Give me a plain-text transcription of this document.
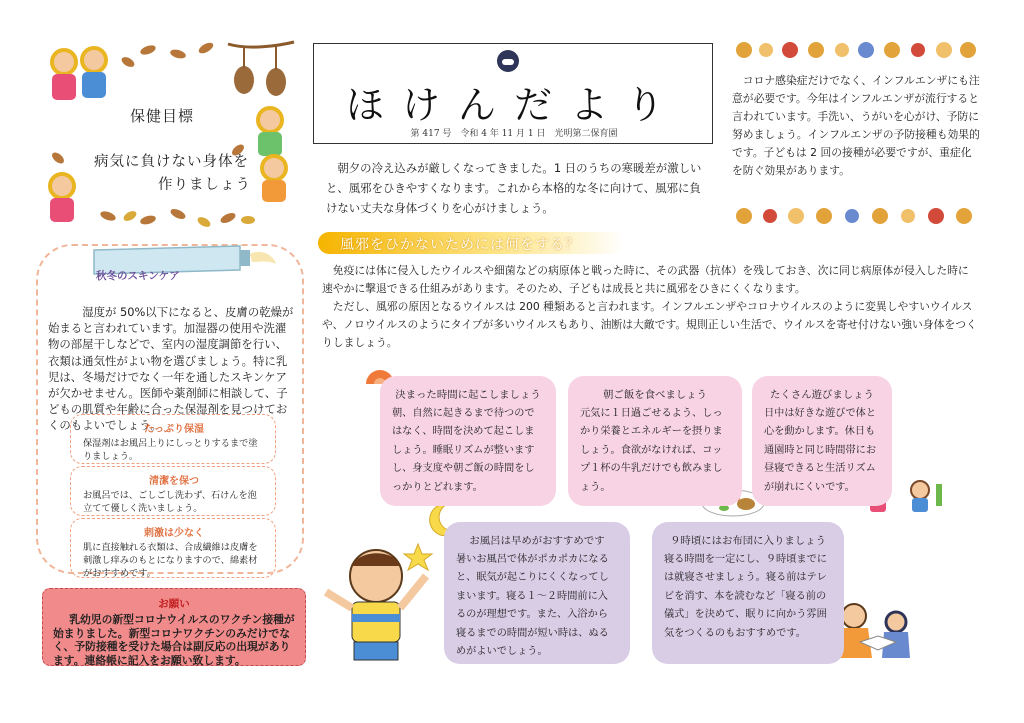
保健目標
病気に負けない身体を
作りましょう
秋冬のスキンケア

湿度が 50%以下になると、皮膚の乾燥が始まると言われています。加湿器の使用や洗濯物の部屋干しなどで、室内の湿度調節を行い、衣類は通気性がよい物を選びましょう。特に乳児は、冬場だけでなく一年を通したスキンケアが欠かせません。医師や薬剤師に相談して、子どもの肌質や年齢に合った保湿剤を見つけておくのもよいでしょう。

たっぷり保湿
保湿剤はお風呂上りにしっとりするまで塗りましょう。
清潔を保つ
お風呂では、ごしごし洗わず、石けんを泡立てて優しく洗いましょう。
刺激は少なく
肌に直接触れる衣類は、合成繊維は皮膚を刺激し痒みのもとになりますので、綿素材がおすすめです。
お願い
乳幼児の新型コロナウイルスのワクチン接種が始まりました。新型コロナワクチンのみだけでなく、予防接種を受けた場合は副反応の出現があります。連絡帳に記入をお願い致します。
ほけんだより
第 417 号　令和 4 年 11 月 1 日　光明第二保育園

朝夕の冷え込みが厳しくなってきました。1 日のうちの寒暖差が激しいと、風邪をひきやすくなります。これから本格的な冬に向けて、風邪に負けない丈夫な身体づくりを心がけましょう。

コロナ感染症だけでなく、インフルエンザにも注意が必要です。今年はインフルエンザが流行すると言われています。手洗い、うがいを心がけ、予防に努めましょう。インフルエンザの予防接種も効果的です。子どもは 2 回の接種が必要ですが、重症化を防ぐ効果があります。

風邪をひかないためには何をする？

免疫には体に侵入したウイルスや細菌などの病原体と戦った時に、その武器（抗体）を残しておき、次に同じ病原体が侵入した時に速やかに撃退できる仕組みがあります。そのため、子どもは成長と共に風邪をひきにくくなります。

ただし、風邪の原因となるウイルスは 200 種類あると言われます。インフルエンザやコロナウイルスのように変異しやすいウイルスや、ノロウイルスのようにタイプが多いウイルスもあり、油断は大敵です。規則正しい生活で、ウイルスを寄せ付けない強い身体をつくりしましょう。

決まった時間に起こしましょう
朝、自然に起きるまで待つのではなく、時間を決めて起こしましょう。睡眠リズムが整いますし、身支度や朝ご飯の時間をしっかりとどれます。
朝ご飯を食べましょう
元気に１日過ごせるよう、しっかり栄養とエネルギーを摂りましょう。食欲がなければ、コップ１杯の牛乳だけでも飲みましょう。
たくさん遊びましょう
日中は好きな遊びで体と心を動かします。休日も通園時と同じ時間帯にお昼寝できると生活リズムが崩れにくいです。
お風呂は早めがおすすめです
暑いお風呂で体がポカポカになると、眠気が起こりにくくなってしまいます。寝る１～２時間前に入るのが理想です。また、入浴から寝るまでの時間が短い時は、ぬるめがよいでしょう。
９時頃にはお布団に入りましょう
寝る時間を一定にし、９時頃までには就寝させましょう。寝る前はテレビを消す、本を読むなど「寝る前の儀式」を決めて、眠りに向かう雰囲気をつくるのもおすすめです。
